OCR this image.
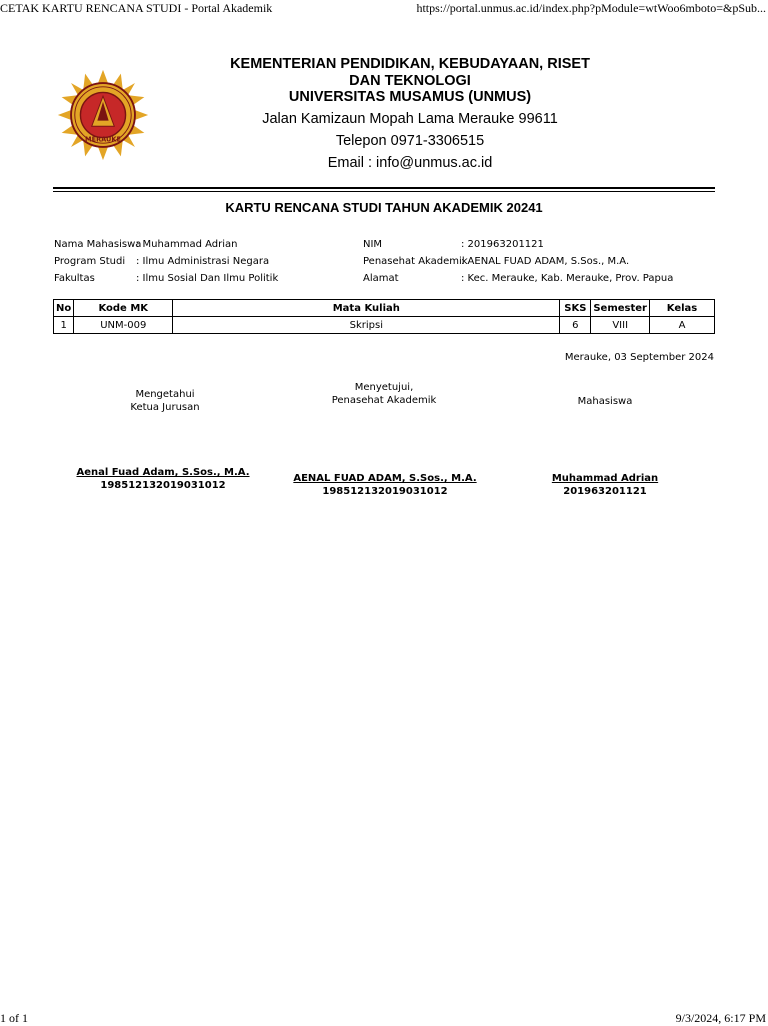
CETAK KARTU RENCANA STUDI - Portal Akademik	https://portal.unmus.ac.id/index.php?pModule=wtWoo6mboto=&pSub...
MERAUKE
KEMENTERIAN PENDIDIKAN, KEBUDAYAAN, RISET
DAN TEKNOLOGI
UNIVERSITAS MUSAMUS (UNMUS)
Jalan Kamizaun Mopah Lama Merauke 99611
Telepon 0971-3306515
Email : info@unmus.ac.id
KARTU RENCANA STUDI TAHUN AKADEMIK 20241
Nama Mahasiswa
: Muhammad Adrian
Program Studi	: Ilmu Administrasi Negara
Fakultas	: Ilmu Sosial Dan Ilmu Politik
NIM	: 201963201121
Penasehat Akademik
: AENAL FUAD ADAM, S.Sos., M.A.
Alamat	: Kec. Merauke, Kab. Merauke, Prov. Papua
No	Kode MK	Mata Kuliah	SKS	Semester	Kelas
1	UNM-009	Skripsi	6	VIII	A
Merauke, 03 September 2024
Mengetahui
Ketua Jurusan
Menyetujui,
Penasehat Akademik	Mahasiswa
Aenal Fuad Adam, S.Sos., M.A.
198512132019031012
AENAL FUAD ADAM, S.Sos., M.A.
198512132019031012
Muhammad Adrian
201963201121
1 of 1	9/3/2024, 6:17 PM
